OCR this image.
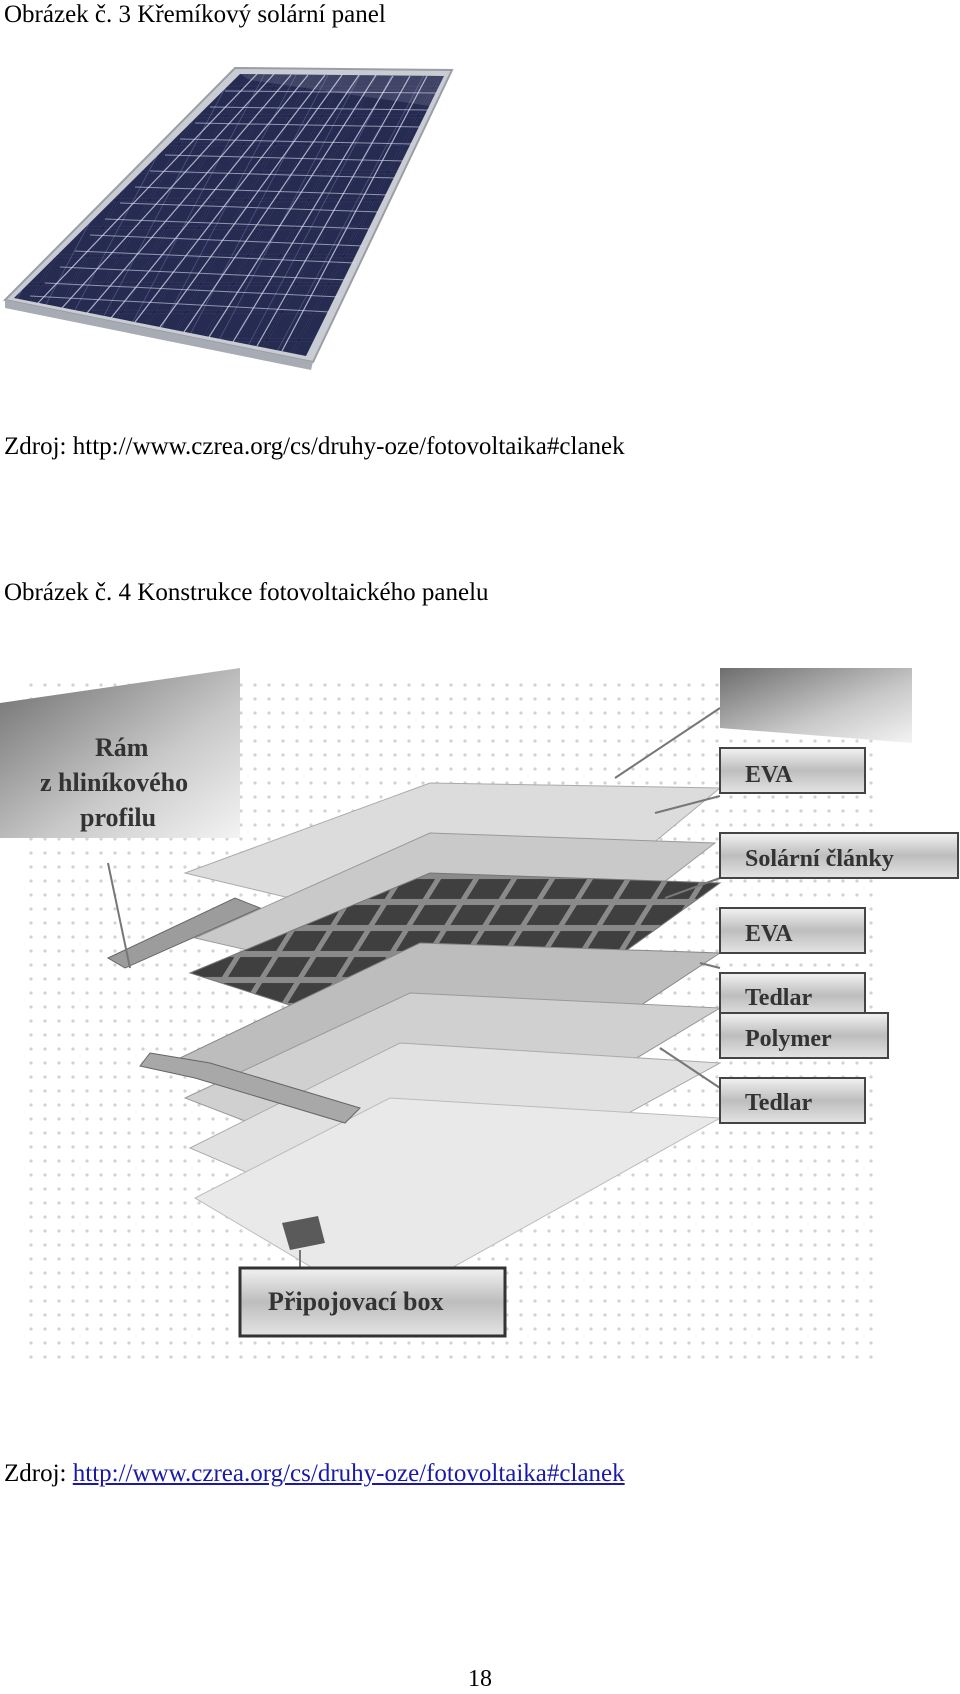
Obrázek č. 3 Křemíkový solární panel
Zdroj: http://www.czrea.org/cs/druhy-oze/fotovoltaika#clanek
Obrázek č. 4 Konstrukce fotovoltaického panelu
Rám
z hliníkového
profilu
EVA
Solární články
EVA
Tedlar
Polymer
Tedlar
Připojovací box
Zdroj: http://www.czrea.org/cs/druhy-oze/fotovoltaika#clanek
18
